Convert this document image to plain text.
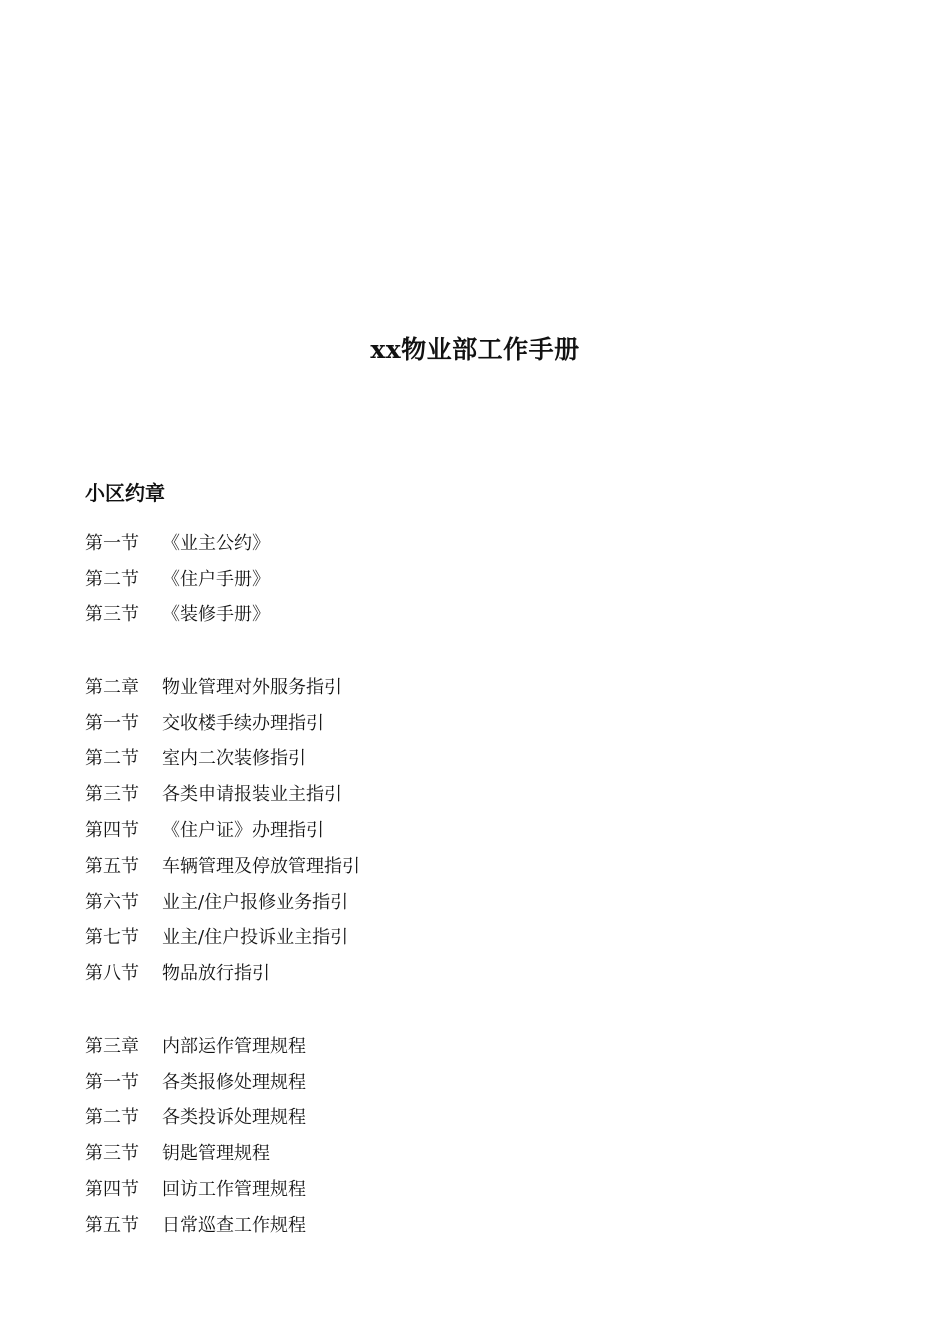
xx物业部工作手册
小区约章
第一节	《业主公约》
第二节	《住户手册》
第三节	《装修手册》
第二章	物业管理对外服务指引
第一节	交收楼手续办理指引
第二节	室内二次装修指引
第三节	各类申请报装业主指引
第四节	《住户证》办理指引
第五节	车辆管理及停放管理指引
第六节	业主/住户报修业务指引
第七节	业主/住户投诉业主指引
第八节	物品放行指引
第三章	内部运作管理规程
第一节	各类报修处理规程
第二节	各类投诉处理规程
第三节	钥匙管理规程
第四节	回访工作管理规程
第五节	日常巡查工作规程
